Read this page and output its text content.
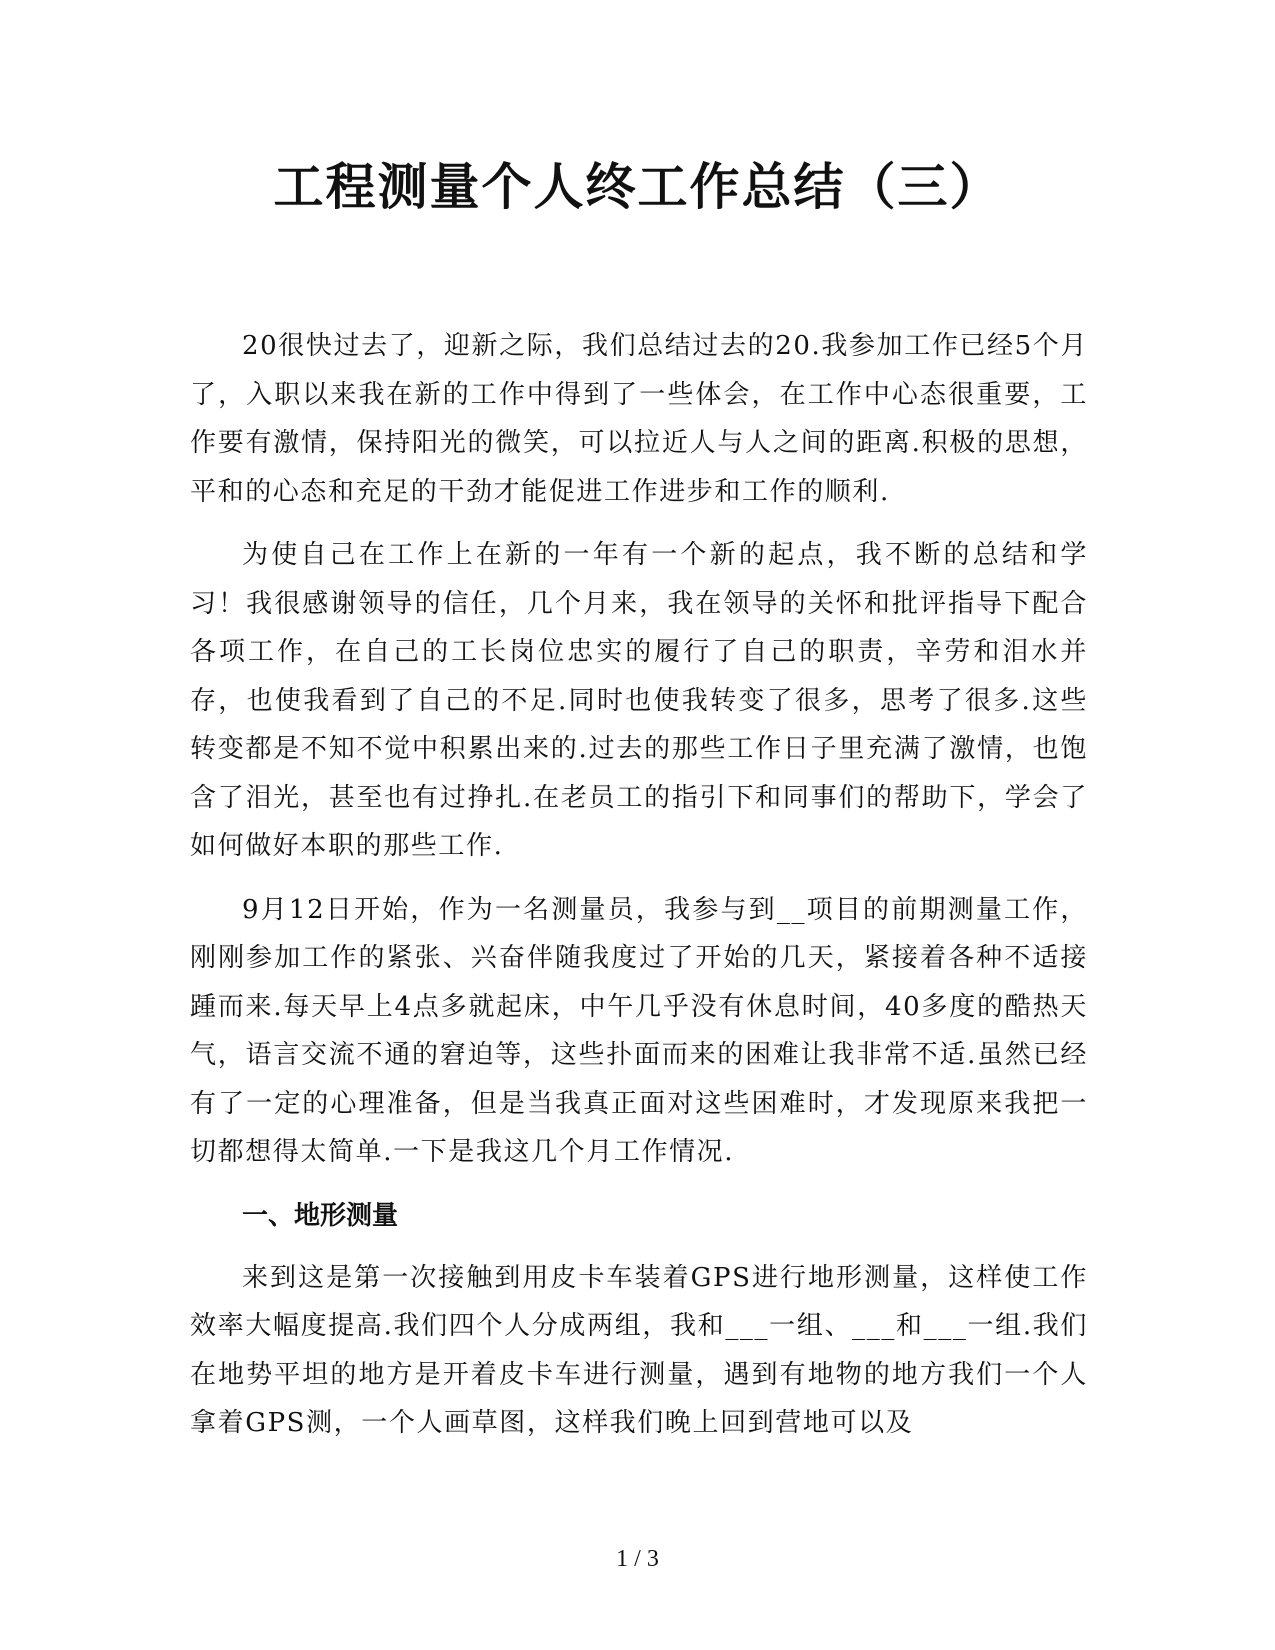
工程测量个人终工作总结（三）

20很快过去了，迎新之际，我们总结过去的20.我参加工作已经5个月了，入职以来我在新的工作中得到了一些体会，在工作中心态很重要，工作要有激情，保持阳光的微笑，可以拉近人与人之间的距离.积极的思想，平和的心态和充足的干劲才能促进工作进步和工作的顺利.

为使自己在工作上在新的一年有一个新的起点，我不断的总结和学习！我很感谢领导的信任，几个月来，我在领导的关怀和批评指导下配合各项工作，在自己的工长岗位忠实的履行了自己的职责，辛劳和泪水并存，也使我看到了自己的不足.同时也使我转变了很多，思考了很多.这些转变都是不知不觉中积累出来的.过去的那些工作日子里充满了激情，也饱含了泪光，甚至也有过挣扎.在老员工的指引下和同事们的帮助下，学会了如何做好本职的那些工作.

9月12日开始，作为一名测量员，我参与到__项目的前期测量工作，刚刚参加工作的紧张、兴奋伴随我度过了开始的几天，紧接着各种不适接踵而来.每天早上4点多就起床，中午几乎没有休息时间，40多度的酷热天气，语言交流不通的窘迫等，这些扑面而来的困难让我非常不适.虽然已经有了一定的心理准备，但是当我真正面对这些困难时，才发现原来我把一切都想得太简单.一下是我这几个月工作情况.

一、地形测量

来到这是第一次接触到用皮卡车装着GPS进行地形测量，这样使工作效率大幅度提高.我们四个人分成两组，我和___一组、___和___一组.我们在地势平坦的地方是开着皮卡车进行测量，遇到有地物的地方我们一个人拿着GPS测，一个人画草图，这样我们晚上回到营地可以及

1 / 3
